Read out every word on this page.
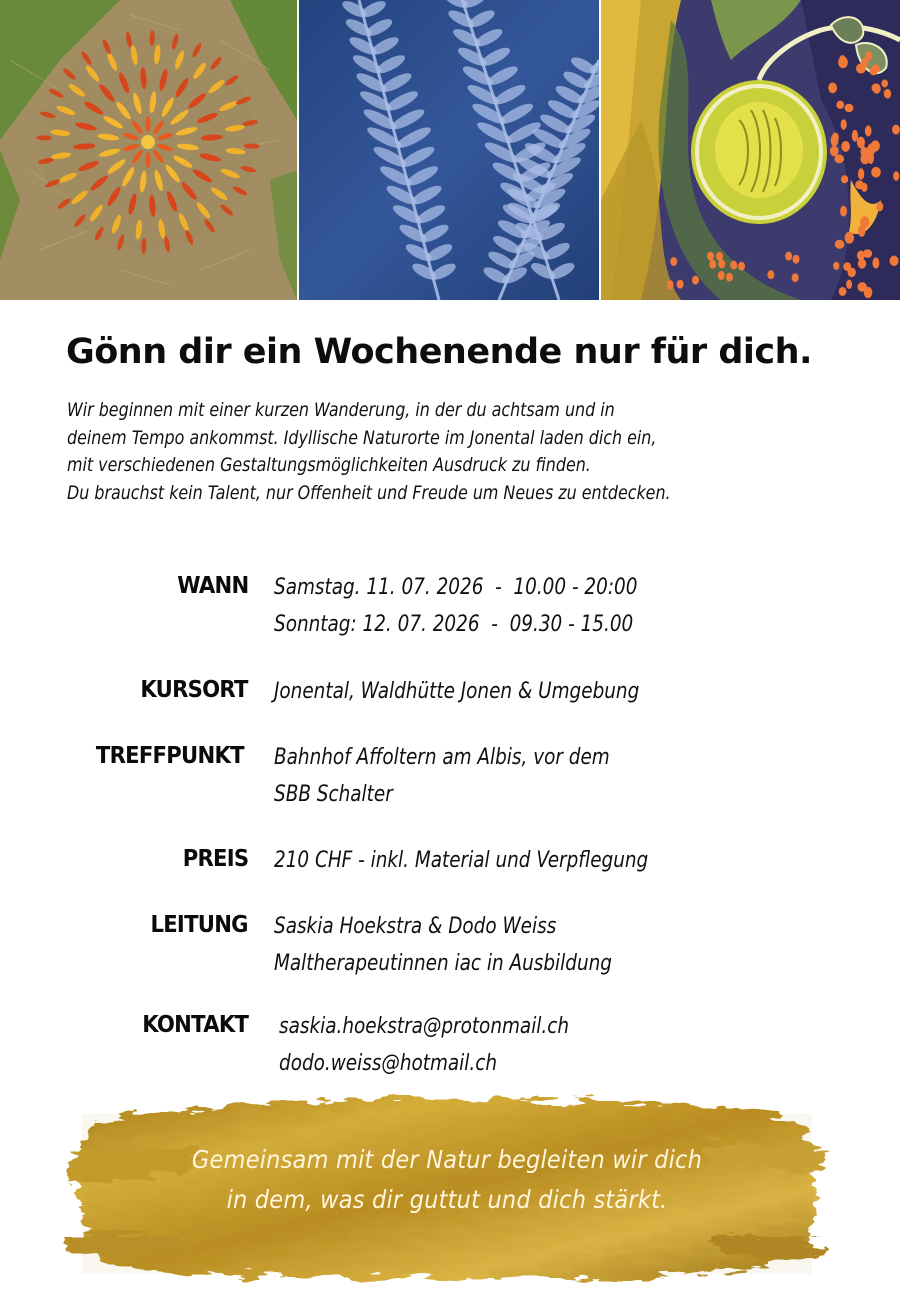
Gönn dir ein Wochenende nur für dich.
Wir beginnen mit einer kurzen Wanderung, in der du achtsam und in
deinem Tempo ankommst. Idyllische Naturorte im Jonental laden dich ein,
mit verschiedenen Gestaltungsmöglichkeiten Ausdruck zu finden.
Du brauchst kein Talent, nur Offenheit und Freude um Neues zu entdecken.
WANN Samstag. 11. 07. 2026  -  10.00 - 20:00
Sonntag: 12. 07. 2026  -  09.30 - 15.00
KURSORT Jonental, Waldhütte Jonen & Umgebung
TREFFPUNKT Bahnhof Affoltern am Albis, vor dem
SBB Schalter
PREIS 210 CHF - inkl. Material und Verpflegung
LEITUNG Saskia Hoekstra & Dodo Weiss
Maltherapeutinnen iac in Ausbildung
KONTAKT saskia.hoekstra@protonmail.ch
dodo.weiss@hotmail.ch
Gemeinsam mit der Natur begleiten wir dich
in dem, was dir guttut und dich stärkt.
